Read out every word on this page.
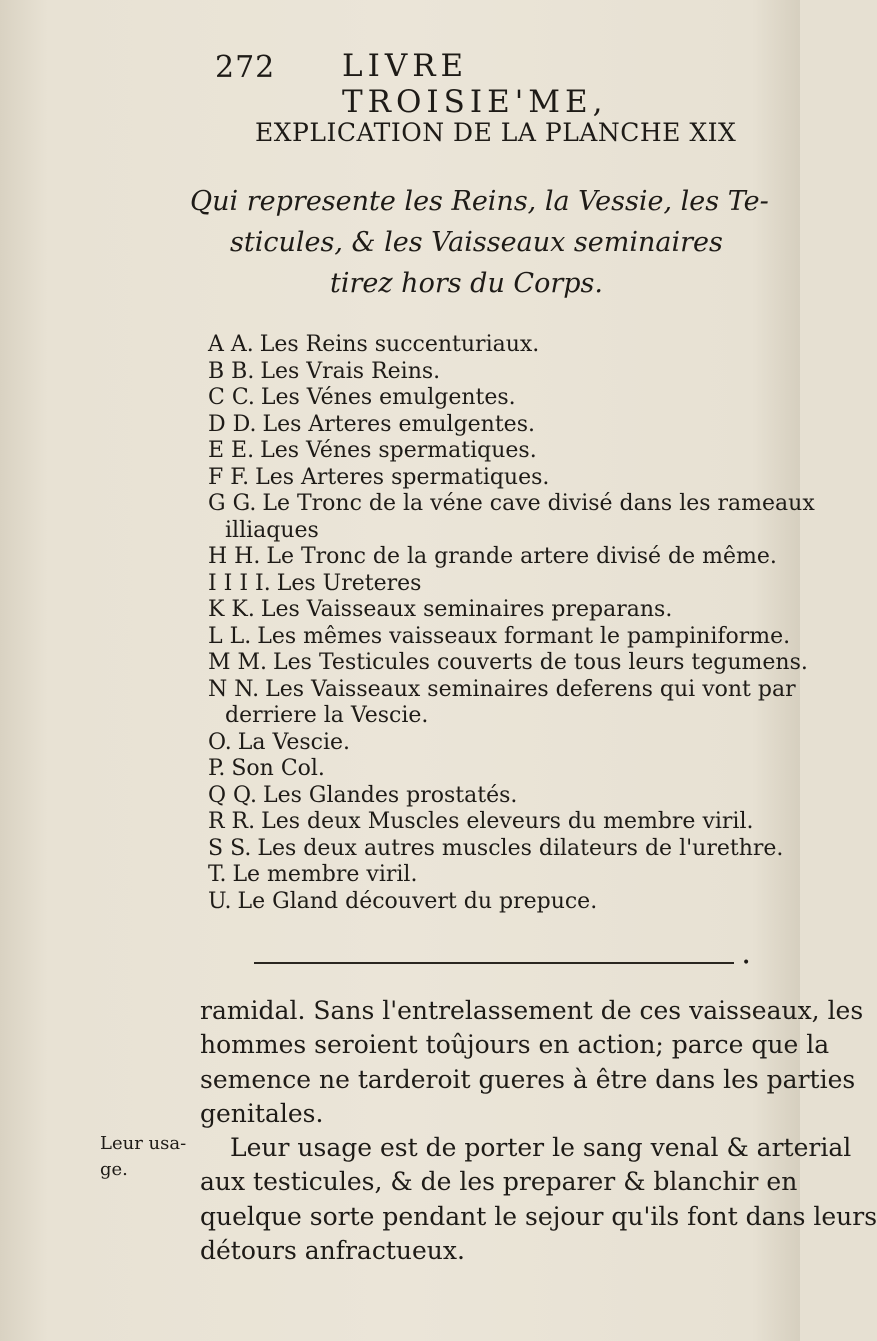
272 LIVRE TROISIE'ME,
EXPLICATION DE LA PLANCHE XIX
Qui represente les Reins, la Vessie, les Te-
sticules, & les Vaisseaux seminaires
tirez hors du Corps.
A A. Les Reins succenturiaux.
B B. Les Vrais Reins.
C C. Les Vénes emulgentes.
D D. Les Arteres emulgentes.
E E. Les Vénes spermatiques.
F F. Les Arteres spermatiques.
G G. Le Tronc de la véne cave divisé dans les rameaux
illiaques
H H. Le Tronc de la grande artere divisé de même.
I I I I. Les Ureteres
K K. Les Vaisseaux seminaires preparans.
L L. Les mêmes vaisseaux formant le pampiniforme.
M M. Les Testicules couverts de tous leurs tegumens.
N N. Les Vaisseaux seminaires deferens qui vont par
derriere la Vescie.
O. La Vescie.
P. Son Col.
Q Q. Les Glandes prostatés.
R R. Les deux Muscles eleveurs du membre viril.
S S. Les deux autres muscles dilateurs de l'urethre.
T. Le membre viril.
U. Le Gland découvert du prepuce.
•
ramidal. Sans l'entrelassement de ces vaisseaux, les
hommes seroient toûjours en action; parce que la
semence ne tarderoit gueres à être dans les parties
genitales.
Leur usage est de porter le sang venal & arterial
aux testicules, & de les preparer & blanchir en
quelque sorte pendant le sejour qu'ils font dans leurs
détours anfractueux.
Leur usa-
ge.
